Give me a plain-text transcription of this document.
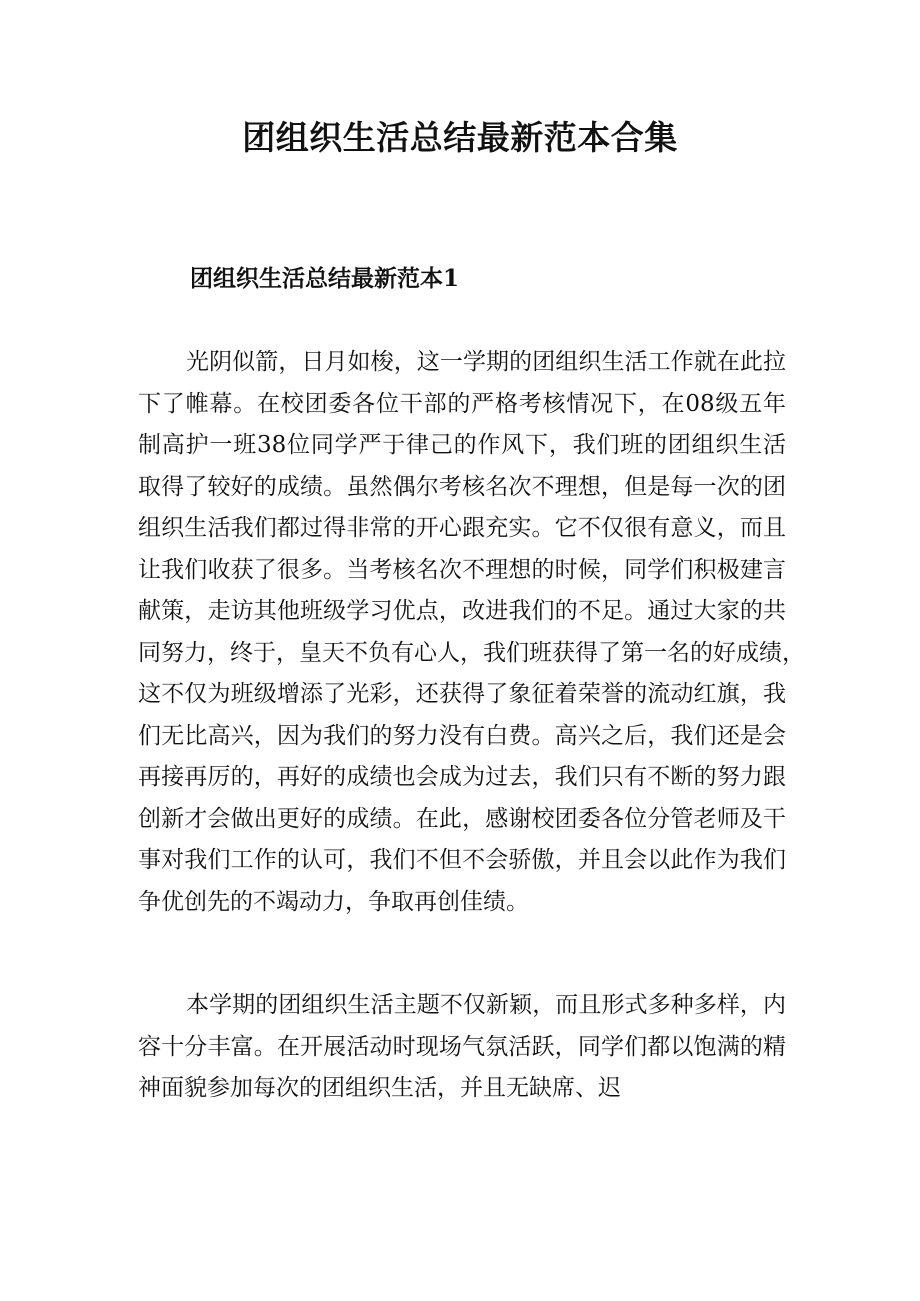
团组织生活总结最新范本合集
团组织生活总结最新范本1

光阴似箭，日月如梭，这一学期的团组织生活工作就在此拉
下了帷幕。在校团委各位干部的严格考核情况下，在08级五年
制高护一班38位同学严于律己的作风下，我们班的团组织生活
取得了较好的成绩。虽然偶尔考核名次不理想，但是每一次的团
组织生活我们都过得非常的开心跟充实。它不仅很有意义，而且
让我们收获了很多。当考核名次不理想的时候，同学们积极建言
献策，走访其他班级学习优点，改进我们的不足。通过大家的共
同努力，终于，皇天不负有心人，我们班获得了第一名的好成绩，
这不仅为班级增添了光彩，还获得了象征着荣誉的流动红旗，我
们无比高兴，因为我们的努力没有白费。高兴之后，我们还是会
再接再厉的，再好的成绩也会成为过去，我们只有不断的努力跟
创新才会做出更好的成绩。在此，感谢校团委各位分管老师及干
事对我们工作的认可，我们不但不会骄傲，并且会以此作为我们
争优创先的不竭动力，争取再创佳绩。

本学期的团组织生活主题不仅新颖，而且形式多种多样，内
容十分丰富。在开展活动时现场气氛活跃，同学们都以饱满的精
神面貌参加每次的团组织生活，并且无缺席、迟
